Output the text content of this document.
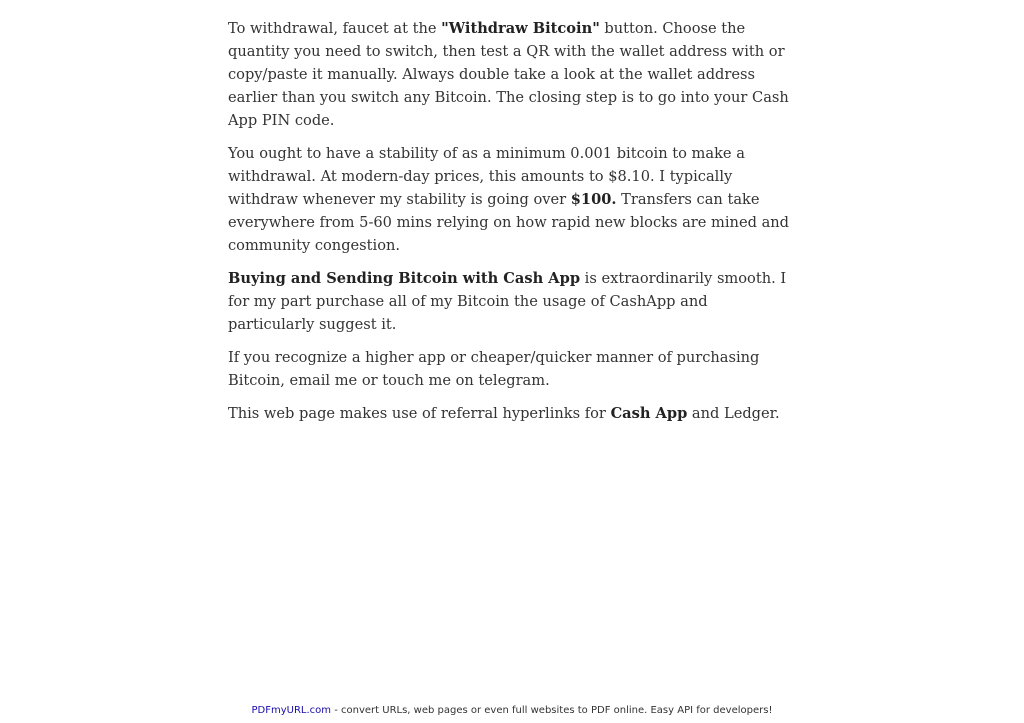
To withdrawal, faucet at the "Withdraw Bitcoin" button. Choose the quantity you need to switch, then test a QR with the wallet address with or copy/paste it manually. Always double take a look at the wallet address earlier than you switch any Bitcoin. The closing step is to go into your Cash App PIN code.

You ought to have a stability of as a minimum 0.001 bitcoin to make a withdrawal. At modern-day prices, this amounts to $8.10. I typically withdraw whenever my stability is going over $100. Transfers can take everywhere from 5-60 mins relying on how rapid new blocks are mined and community congestion.

Buying and Sending Bitcoin with Cash App is extraordinarily smooth. I for my part purchase all of my Bitcoin the usage of CashApp and particularly suggest it.

If you recognize a higher app or cheaper/quicker manner of purchasing Bitcoin, email me or touch me on telegram.

This web page makes use of referral hyperlinks for Cash App and Ledger.

PDFmyURL.com - convert URLs, web pages or even full websites to PDF online. Easy API for developers!
